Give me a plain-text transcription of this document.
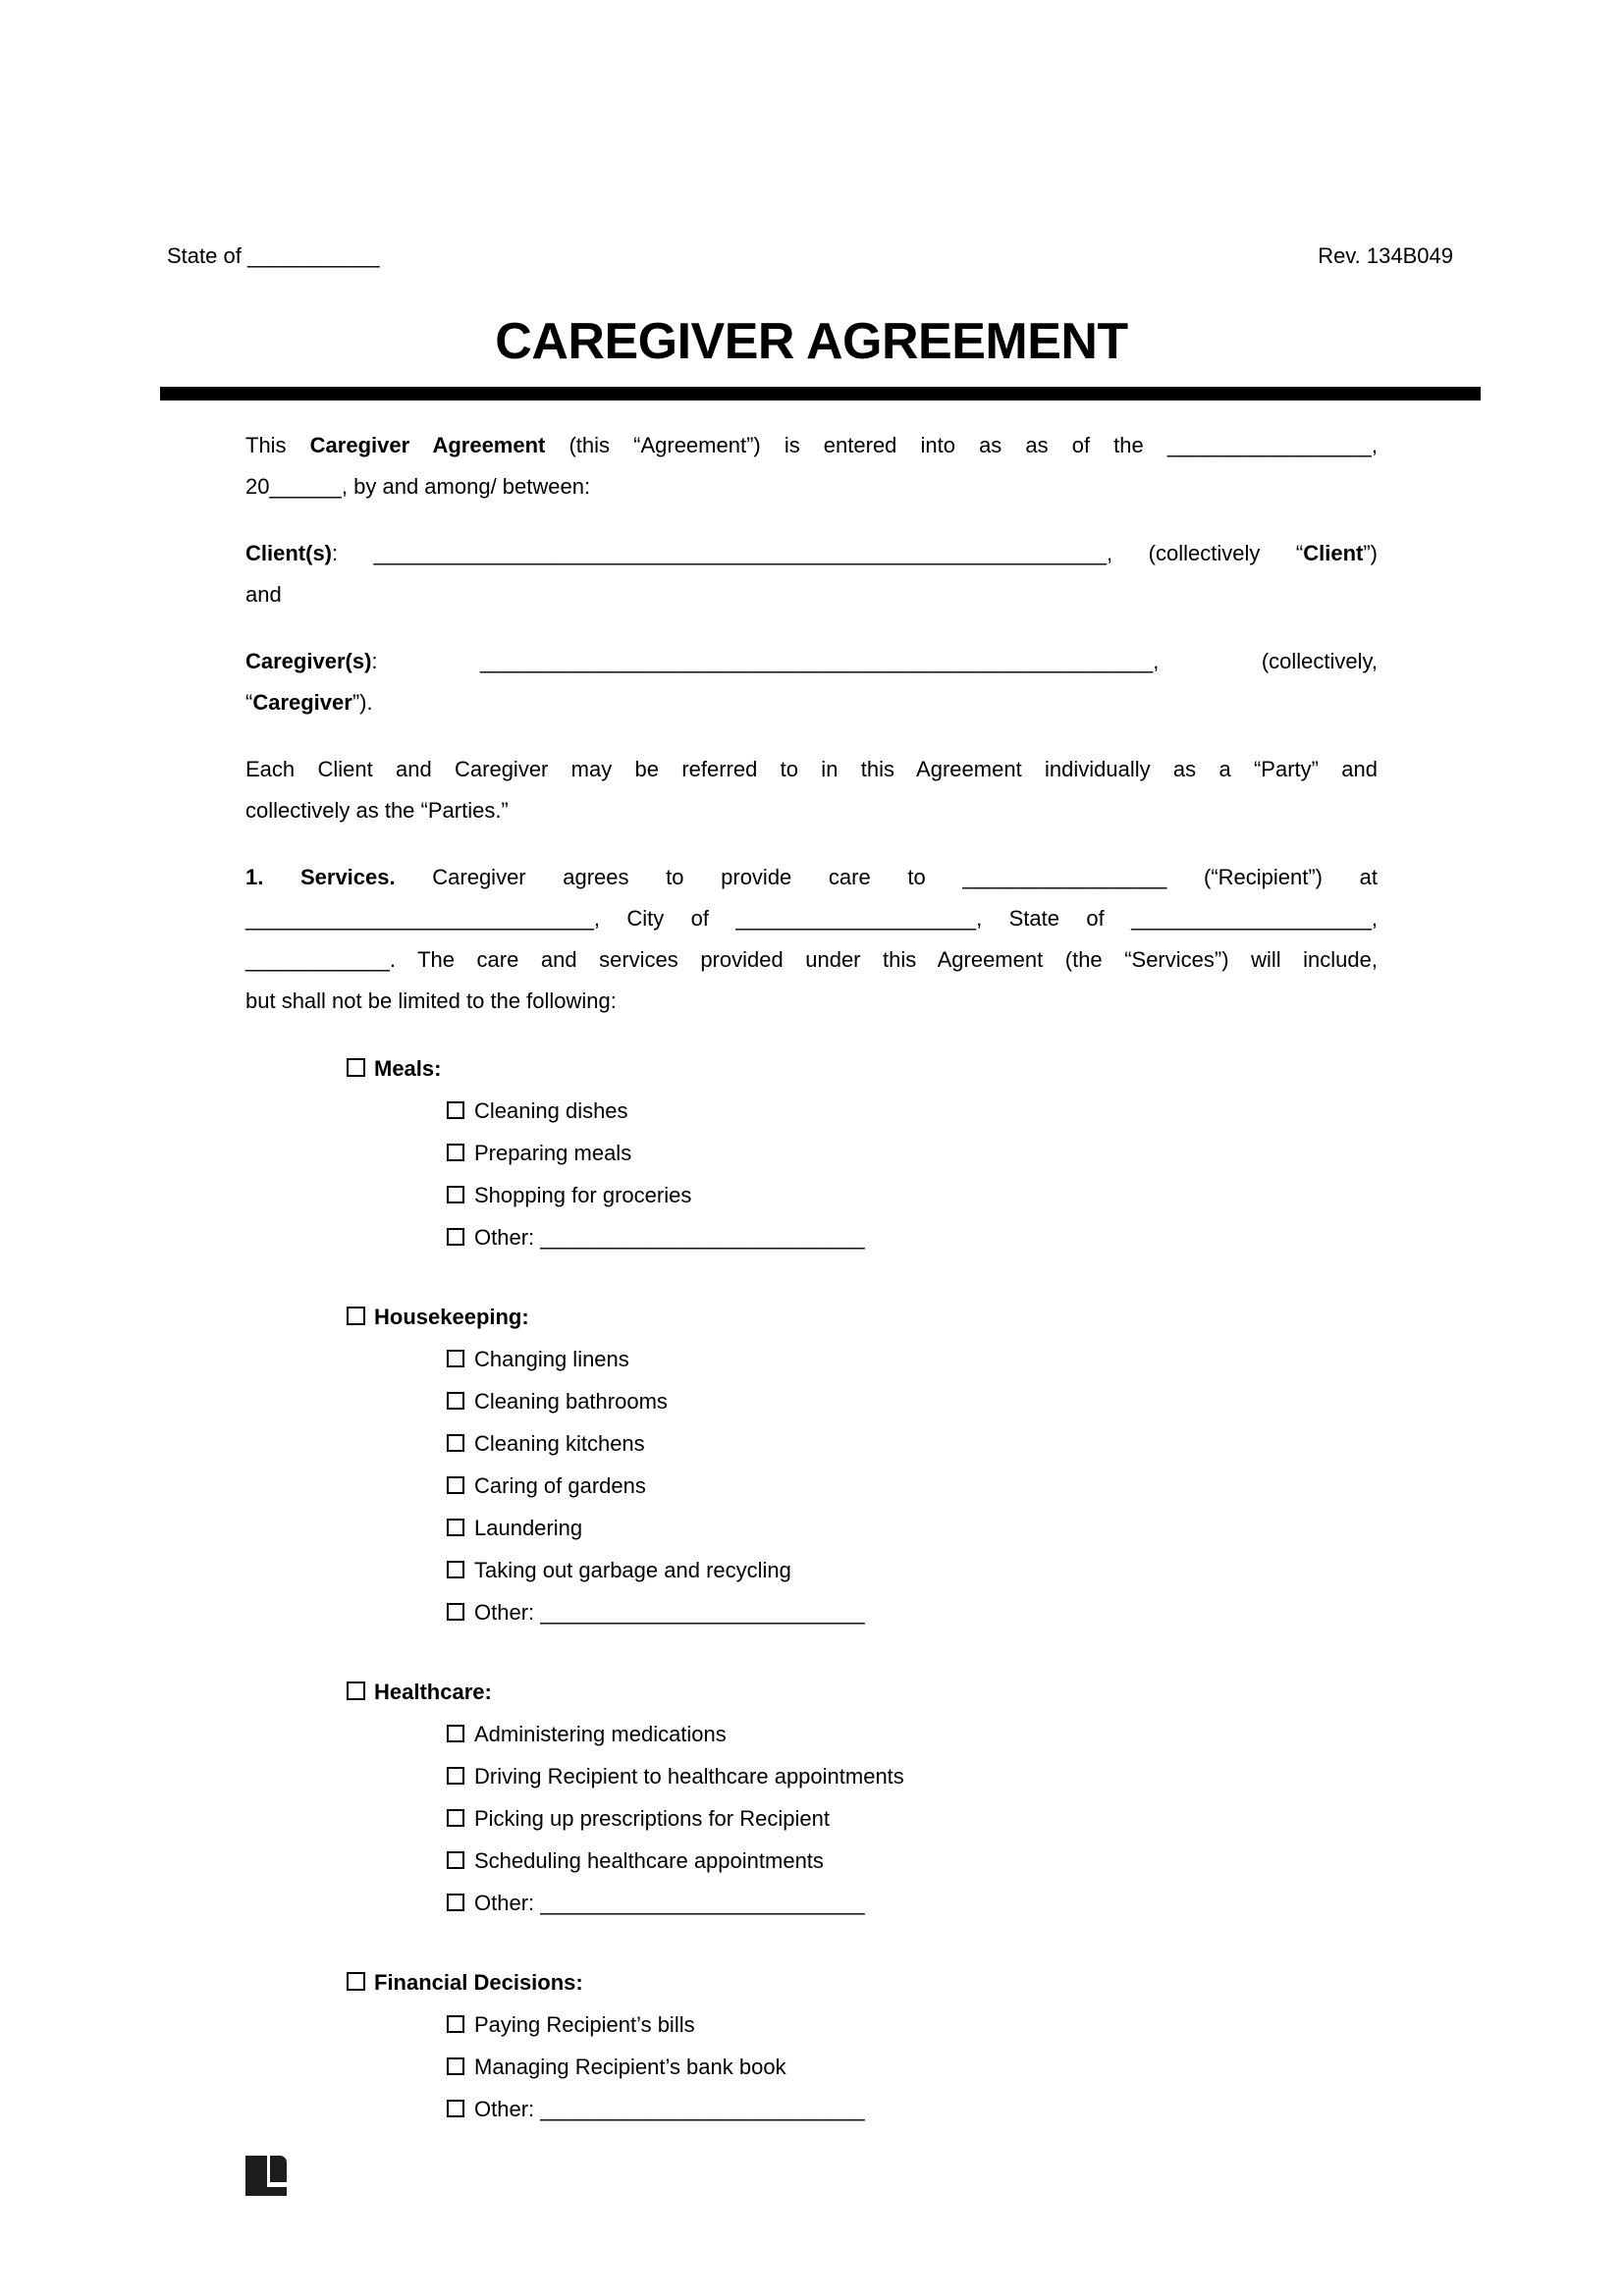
State of ___________	Rev. 134B049
CAREGIVER AGREEMENT
This Caregiver Agreement (this “Agreement”) is entered into as as of the _________________,
20______, by and among/ between:
Client(s): _____________________________________________________________, (collectively “Client”)
and
Caregiver(s): ________________________________________________________, (collectively,
“Caregiver”).
Each Client and Caregiver may be referred to in this Agreement individually as a “Party” and
collectively as the “Parties.”
1. Services. Caregiver agrees to provide care to _________________ (“Recipient”) at
_____________________________, City of ____________________, State of ____________________,
____________. The care and services provided under this Agreement (the “Services”) will include,
but shall not be limited to the following:
Meals:
Cleaning dishes
Preparing meals
Shopping for groceries
Other: ___________________________
Housekeeping:
Changing linens
Cleaning bathrooms
Cleaning kitchens
Caring of gardens
Laundering
Taking out garbage and recycling
Other: ___________________________
Healthcare:
Administering medications
Driving Recipient to healthcare appointments
Picking up prescriptions for Recipient
Scheduling healthcare appointments
Other: ___________________________
Financial Decisions:
Paying Recipient’s bills
Managing Recipient’s bank book
Other: ___________________________
